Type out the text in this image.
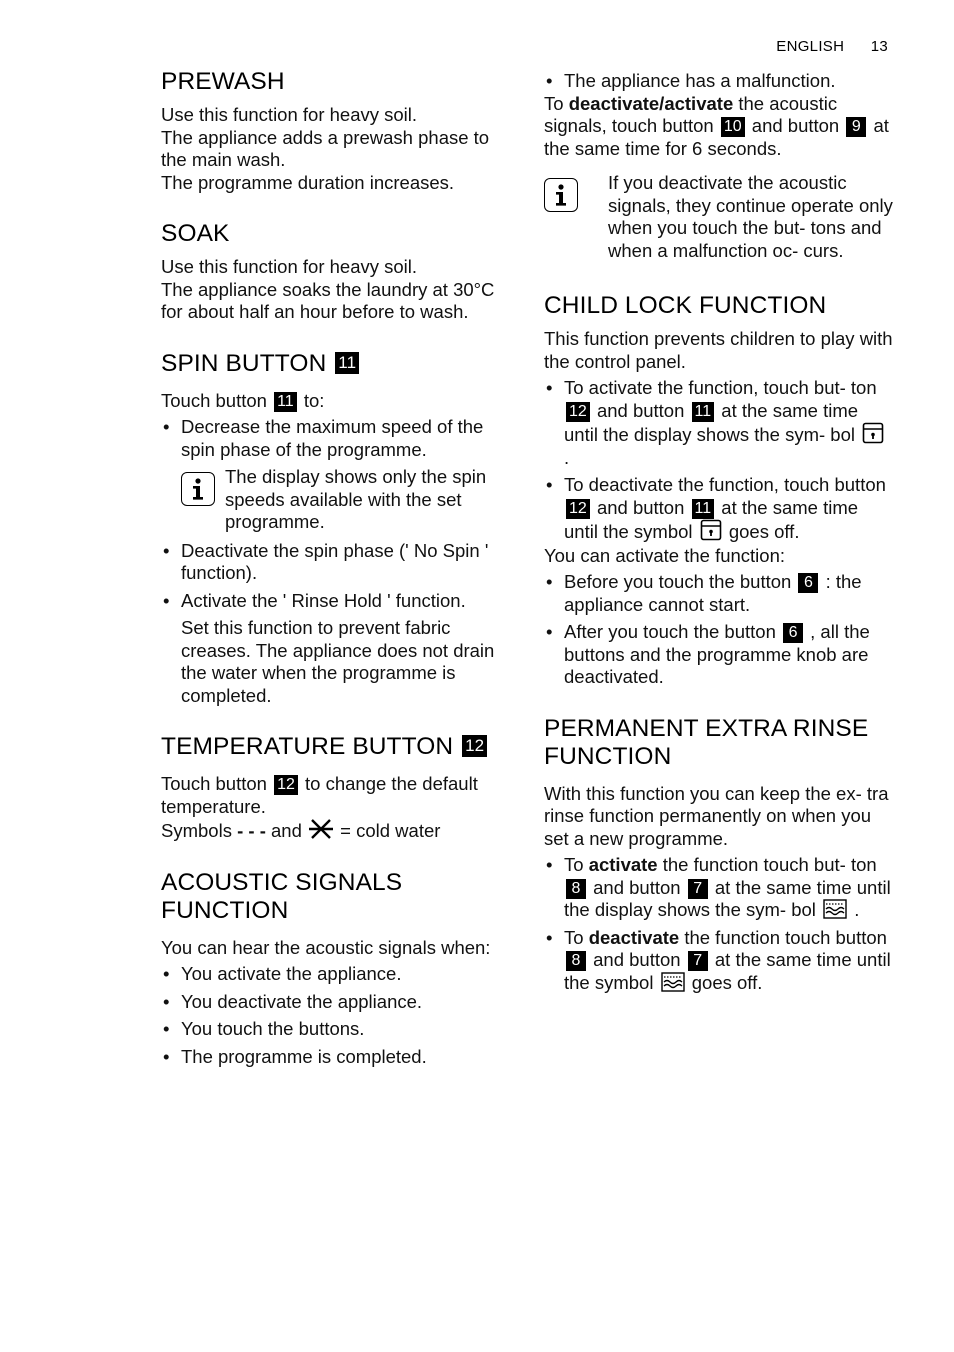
ENGLISH 13
PREWASH

Use this function for heavy soil.

The appliance adds a prewash phase to the main wash.

The programme duration increases.

SOAK

Use this function for heavy soil.

The appliance soaks the laundry at 30°C for about half an hour before to wash.

SPIN BUTTON 11

Touch button 11 to:

• Decrease the maximum speed of the spin phase of the programme.
The display shows only the spin speeds available with the set programme.
• Deactivate the spin phase (' No Spin ' function).
• Activate the ' Rinse Hold ' function.
Set this function to prevent fabric creases. The appliance does not drain the water when the programme is completed.
TEMPERATURE BUTTON 12

Touch button 12 to change the default temperature.

Symbols - - - and = cold water

ACOUSTIC SIGNALS FUNCTION

You can hear the acoustic signals when:

• You activate the appliance.
• You deactivate the appliance.
• You touch the buttons.
• The programme is completed.
• The appliance has a malfunction.

To deactivate/activate the acoustic signals, touch button 10 and button 9 at the same time for 6 seconds.

If you deactivate the acoustic signals, they continue operate only when you touch the but- tons and when a malfunction oc- curs.
CHILD LOCK FUNCTION

This function prevents children to play with the control panel.

• To activate the function, touch but- ton 12 and button 11 at the same time until the display shows the sym- bol  .
• To deactivate the function, touch button 12 and button 11 at the same time until the symbol goes off.

You can activate the function:

• Before you touch the button 6 : the appliance cannot start.
• After you touch the button 6 , all the buttons and the programme knob are deactivated.
PERMANENT EXTRA RINSE FUNCTION

With this function you can keep the ex- tra rinse function permanently on when you set a new programme.

• To activate the function touch but- ton 8 and button 7 at the same time until the display shows the sym- bol .
• To deactivate the function touch button 8 and button 7 at the same time until the symbol goes off.
